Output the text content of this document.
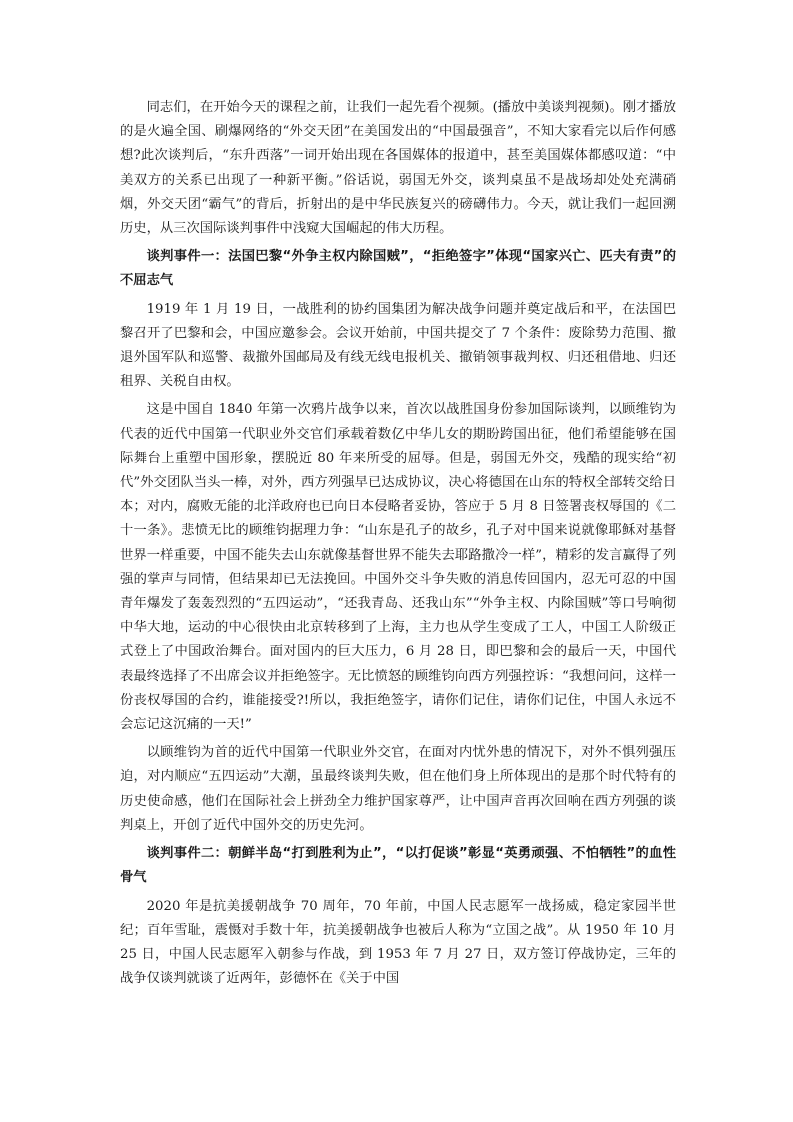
同志们，在开始今天的课程之前，让我们一起先看个视频。(播放中美谈判视频)。刚才播放的是火遍全国、刷爆网络的“外交天团”在美国发出的“中国最强音”，不知大家看完以后作何感想?此次谈判后，“东升西落”一词开始出现在各国媒体的报道中，甚至美国媒体都感叹道：“中美双方的关系已出现了一种新平衡。”俗话说，弱国无外交，谈判桌虽不是战场却处处充满硝烟，外交天团“霸气”的背后，折射出的是中华民族复兴的磅礴伟力。今天，就让我们一起回溯历史，从三次国际谈判事件中浅窥大国崛起的伟大历程。

谈判事件一：法国巴黎“外争主权内除国贼”，“拒绝签字”体现“国家兴亡、匹夫有责”的不屈志气

1919 年 1 月 19 日，一战胜利的协约国集团为解决战争问题并奠定战后和平，在法国巴黎召开了巴黎和会，中国应邀参会。会议开始前，中国共提交了 7 个条件：废除势力范围、撤退外国军队和巡警、裁撤外国邮局及有线无线电报机关、撤销领事裁判权、归还租借地、归还租界、关税自由权。

这是中国自 1840 年第一次鸦片战争以来，首次以战胜国身份参加国际谈判，以顾维钧为代表的近代中国第一代职业外交官们承载着数亿中华儿女的期盼跨国出征，他们希望能够在国际舞台上重塑中国形象，摆脱近 80 年来所受的屈辱。但是，弱国无外交，残酷的现实给“初代”外交团队当头一棒，对外，西方列强早已达成协议，决心将德国在山东的特权全部转交给日本；对内，腐败无能的北洋政府也已向日本侵略者妥协，答应于 5 月 8 日签署丧权辱国的《二十一条》。悲愤无比的顾维钧据理力争：“山东是孔子的故乡，孔子对中国来说就像耶稣对基督世界一样重要，中国不能失去山东就像基督世界不能失去耶路撒冷一样”，精彩的发言赢得了列强的掌声与同情，但结果却已无法挽回。中国外交斗争失败的消息传回国内，忍无可忍的中国青年爆发了轰轰烈烈的“五四运动”，“还我青岛、还我山东”“外争主权、内除国贼”等口号响彻中华大地，运动的中心很快由北京转移到了上海，主力也从学生变成了工人，中国工人阶级正式登上了中国政治舞台。面对国内的巨大压力，6 月 28 日，即巴黎和会的最后一天，中国代表最终选择了不出席会议并拒绝签字。无比愤怒的顾维钧向西方列强控诉：“我想问问，这样一份丧权辱国的合约，谁能接受?!所以，我拒绝签字，请你们记住，请你们记住，中国人永远不会忘记这沉痛的一天!”

以顾维钧为首的近代中国第一代职业外交官，在面对内忧外患的情况下，对外不惧列强压迫，对内顺应“五四运动”大潮，虽最终谈判失败，但在他们身上所体现出的是那个时代特有的历史使命感，他们在国际社会上拼劲全力维护国家尊严，让中国声音再次回响在西方列强的谈判桌上，开创了近代中国外交的历史先河。

谈判事件二：朝鲜半岛“打到胜利为止”，“以打促谈”彰显“英勇顽强、不怕牺牲”的血性骨气

2020 年是抗美援朝战争 70 周年，70 年前，中国人民志愿军一战扬威，稳定家园半世纪；百年雪耻，震慑对手数十年，抗美援朝战争也被后人称为“立国之战”。从 1950 年 10 月 25 日，中国人民志愿军入朝参与作战，到 1953 年 7 月 27 日，双方签订停战协定，三年的战争仅谈判就谈了近两年，彭德怀在《关于中国
